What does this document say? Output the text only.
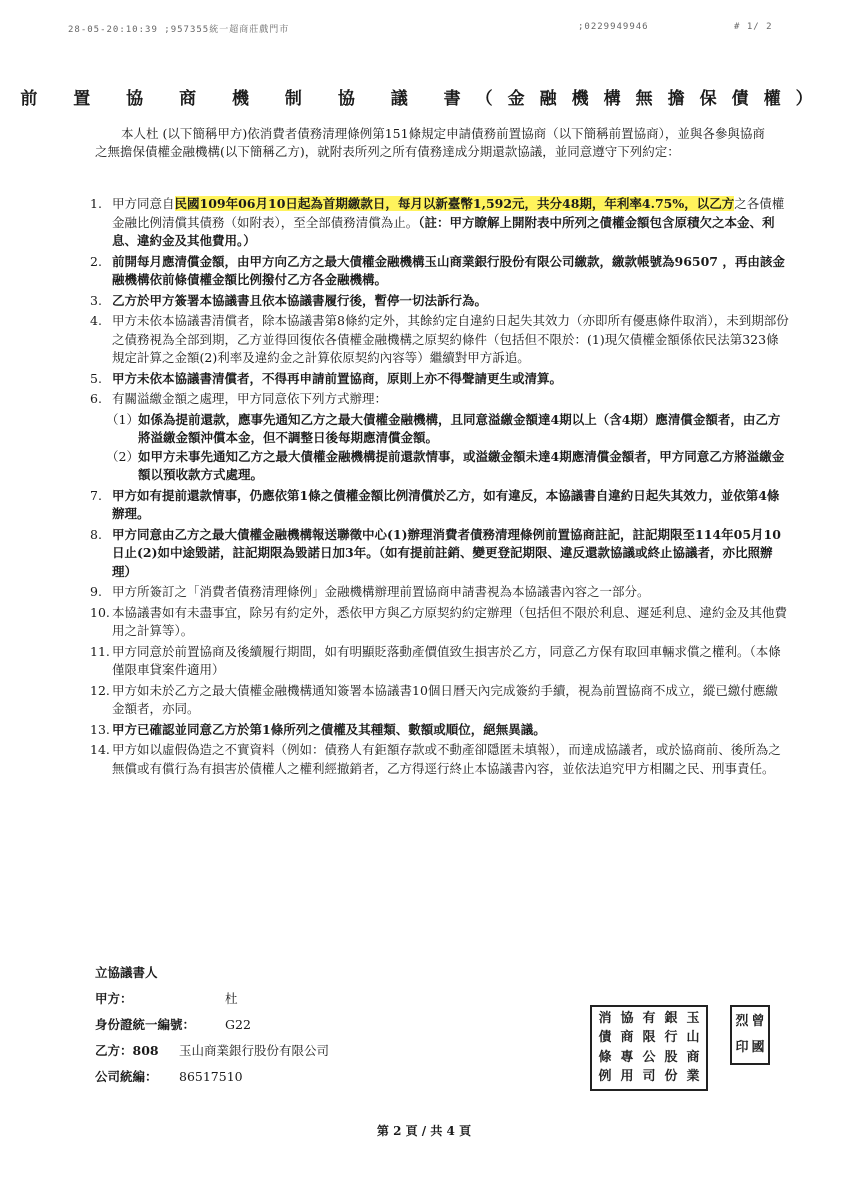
28-05-20:10:39 ;957355統一超商莊戲門市	;0229949946	# 1/ 2
前 置 協 商 機 制 協 議 書（金融機構無擔保債權）

本人杜 (以下簡稱甲方)依消費者債務清理條例第151條規定申請債務前置協商（以下簡稱前置協商），並與各參與協商之無擔保債權金融機構(以下簡稱乙方)，就附表所列之所有債務達成分期還款協議，並同意遵守下列約定：

1. 甲方同意自民國109年06月10日起為首期繳款日，每月以新臺幣1,592元，共分48期，年利率4.75%，以乙方之各債權金融比例清償其債務（如附表），至全部債務清償為止。（註：甲方瞭解上開附表中所列之債權金額包含原積欠之本金、利息、違約金及其他費用。）
2. 前開每月應清償金額，由甲方向乙方之最大債權金融機構玉山商業銀行股份有限公司繳款，繳款帳號為96507 ，再由該金融機構依前條債權金額比例撥付乙方各金融機構。
3. 乙方於甲方簽署本協議書且依本協議書履行後，暫停一切法訴行為。
4. 甲方未依本協議書清償者，除本協議書第8條約定外，其餘約定自違約日起失其效力（亦即所有優惠條件取消），未到期部份之債務視為全部到期，乙方並得回復依各債權金融機構之原契約條件（包括但不限於：(1)現欠債權金額係依民法第323條規定計算之金額(2)利率及違約金之計算依原契約內容等）繼續對甲方訴追。
5. 甲方未依本協議書清償者，不得再申請前置協商，原則上亦不得聲請更生或清算。
6. 有關溢繳金額之處理，甲方同意依下列方式辦理：
（1） 如係為提前還款，應事先通知乙方之最大債權金融機構，且同意溢繳金額達4期以上（含4期）應清償金額者，由乙方將溢繳金額沖償本金，但不調整日後每期應清償金額。
（2） 如甲方未事先通知乙方之最大債權金融機構提前還款情事，或溢繳金額未達4期應清償金額者，甲方同意乙方將溢繳金額以預收款方式處理。
7. 甲方如有提前還款情事，仍應依第1條之債權金額比例清償於乙方，如有違反，本協議書自違約日起失其效力，並依第4條辦理。
8. 甲方同意由乙方之最大債權金融機構報送聯徵中心(1)辦理消費者債務清理條例前置協商註記，註記期限至114年05月10日止(2)如中途毀諾，註記期限為毀諾日加3年。（如有提前註銷、變更登記期限、違反還款協議或終止協議者，亦比照辦理）
9. 甲方所簽訂之「消費者債務清理條例」金融機構辦理前置協商申請書視為本協議書內容之一部分。
10. 本協議書如有未盡事宜，除另有約定外，悉依甲方與乙方原契約約定辦理（包括但不限於利息、遲延利息、違約金及其他費用之計算等）。
11. 甲方同意於前置協商及後續履行期間，如有明顯貶落動產價值致生損害於乙方，同意乙方保有取回車輛求償之權利。（本條僅限車貸案件適用）
12. 甲方如未於乙方之最大債權金融機構通知簽署本協議書10個日曆天內完成簽約手續，視為前置協商不成立，縱已繳付應繳金額者，亦同。
13. 甲方已確認並同意乙方於第1條所列之債權及其種類、數額或順位，絕無異議。
14. 甲方如以虛假偽造之不實資料（例如：債務人有鉅額存款或不動產卻隱匿未填報），而達成協議者，或於協商前、後所為之無償或有償行為有損害於債權人之權利經撤銷者，乙方得逕行終止本協議書內容，並依法追究甲方相關之民、刑事責任。
立協議書人
甲方：	杜
身份證統一編號： G22
乙方：808 玉山商業銀行股份有限公司
公司統編： 86517510
消
債
條
例
協
商
專
用
有
限
公
司
銀
行
股
份
玉
山
商
業
烈
印
曾
國
第 2 頁 / 共 4 頁
